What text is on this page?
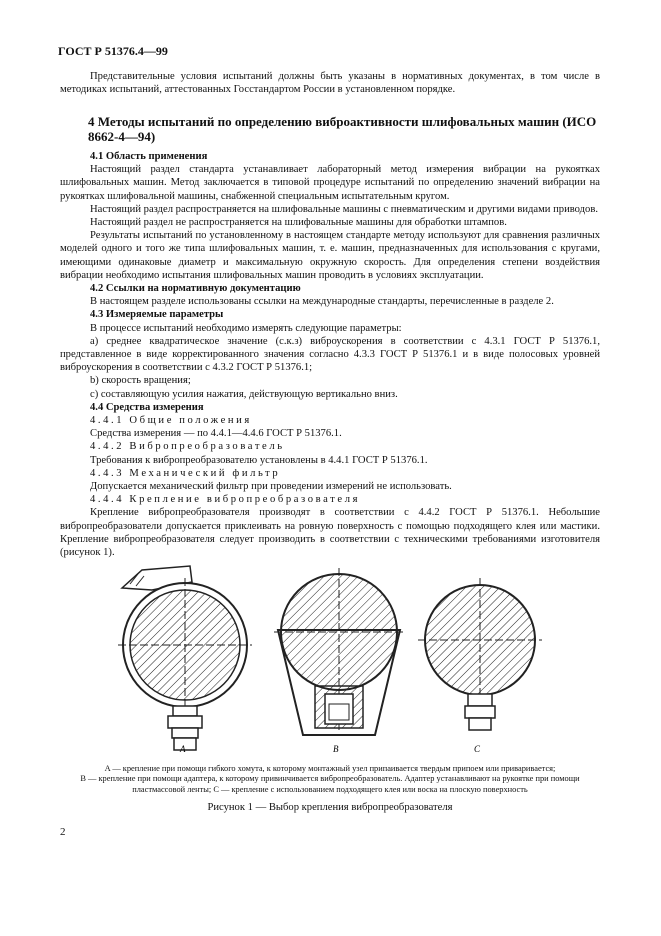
ГОСТ Р 51376.4—99

Представительные условия испытаний должны быть указаны в нормативных документах, в том числе в методиках испытаний, аттестованных Госстандартом России в установленном порядке.

4 Методы испытаний по определению виброактивности шлифовальных машин (ИСО 8662-4—94)

4.1 Область применения

Настоящий раздел стандарта устанавливает лабораторный метод измерения вибрации на рукоятках шлифовальных машин. Метод заключается в типовой процедуре испытаний по определению значений вибрации на рукоятках шлифовальной машины, снабженной специальным испытательным кругом.

Настоящий раздел распространяется на шлифовальные машины с пневматическим и другими видами приводов.

Настоящий раздел не распространяется на шлифовальные машины для обработки штампов.

Результаты испытаний по установленному в настоящем стандарте методу используют для сравнения различных моделей одного и того же типа шлифовальных машин, т. е. машин, предназначенных для использования с кругами, имеющими одинаковые диаметр и максимальную окружную скорость. Для определения степени воздействия вибрации необходимо испытания шлифовальных машин проводить в условиях эксплуатации.

4.2 Ссылки на нормативную документацию

В настоящем разделе использованы ссылки на международные стандарты, перечисленные в разделе 2.

4.3 Измеряемые параметры

В процессе испытаний необходимо измерять следующие параметры:

a) среднее квадратическое значение (с.к.з) виброускорения в соответствии с 4.3.1 ГОСТ Р 51376.1, представленное в виде корректированного значения согласно 4.3.3 ГОСТ Р 51376.1 и в виде полосовых уровней виброускорения в соответствии с 4.3.2 ГОСТ Р 51376.1;

b) скорость вращения;

c) составляющую усилия нажатия, действующую вертикально вниз.

4.4 Средства измерения

4.4.1 Общие положения

Средства измерения — по 4.4.1—4.4.6 ГОСТ Р 51376.1.

4.4.2 Вибропреобразователь

Требования к вибропреобразователю установлены в 4.4.1 ГОСТ Р 51376.1.

4.4.3 Механический фильтр

Допускается механический фильтр при проведении измерений не использовать.

4.4.4 Крепление вибропреобразователя

Крепление вибропреобразователя производят в соответствии с 4.4.2 ГОСТ Р 51376.1. Небольшие вибропреобразователи допускается приклеивать на ровную поверхность с помощью подходящего клея или мастики. Крепление вибропреобразователя следует производить в соответствии с техническими требованиями изготовителя (рисунок 1).

A	B	C
A — крепление при помощи гибкого хомута, к которому монтажный узел припаивается твердым припоем или приваривается;
B — крепление при помощи адаптера, к которому привинчивается вибропреобразователь. Адаптер устанавливают на рукоятке при помощи пластмассовой ленты; C — крепление с использованием подходящего клея или воска на плоскую поверхность
Рисунок 1 — Выбор крепления вибропреобразователя
2
